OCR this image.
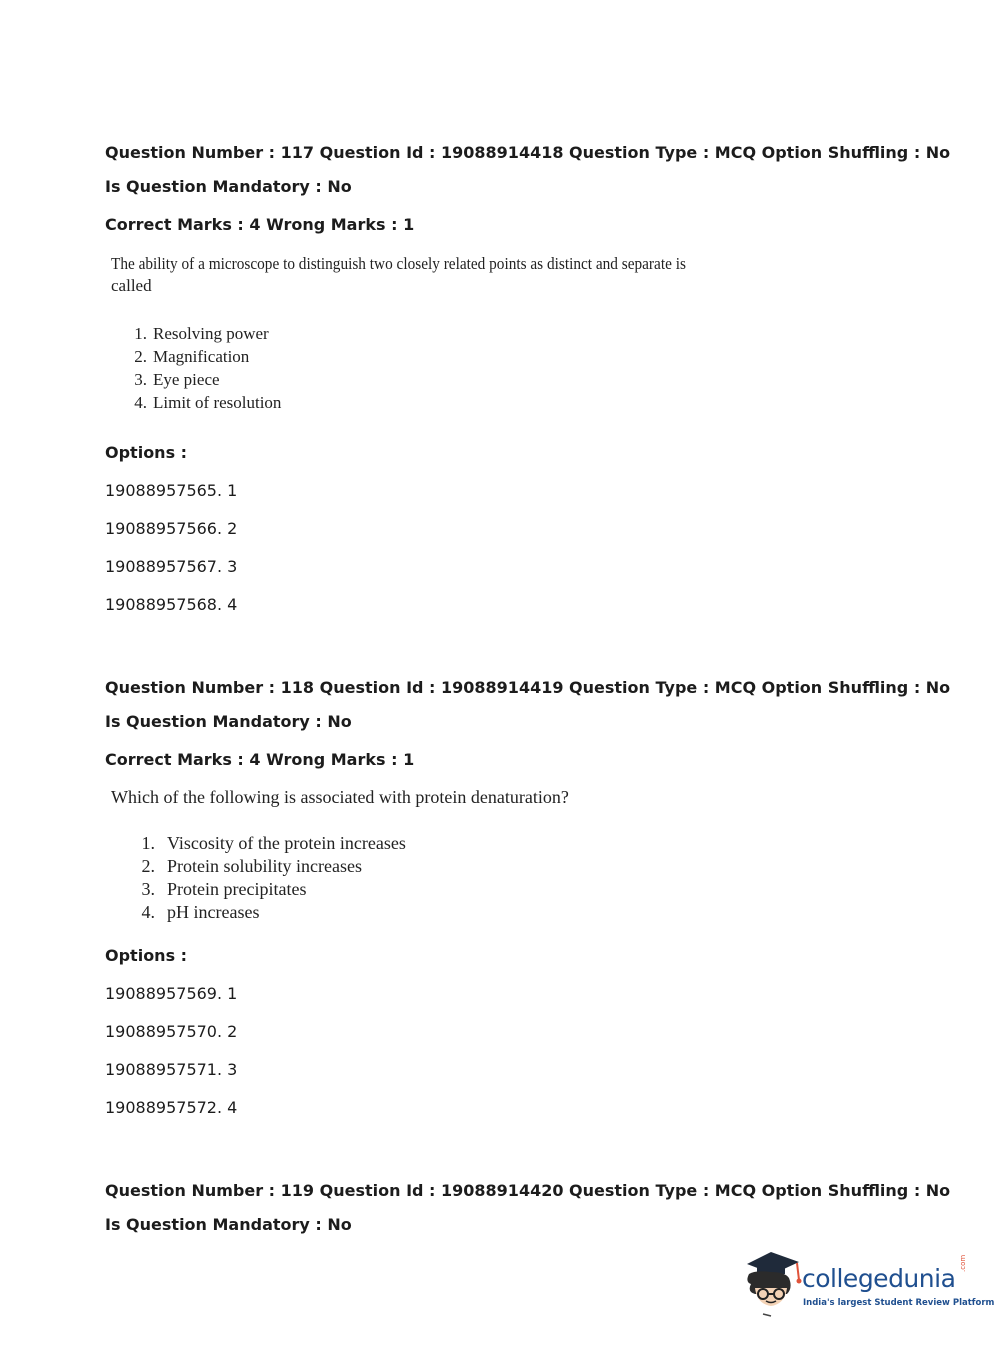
Question Number : 117 Question Id : 19088914418 Question Type : MCQ Option Shuffling : No
Is Question Mandatory : No
Correct Marks : 4 Wrong Marks : 1
The ability of a microscope to distinguish two closely related points as distinct and separate is
called
1. Resolving power
2. Magnification
3. Eye piece
4. Limit of resolution
Options :
19088957565. 1
19088957566. 2
19088957567. 3
19088957568. 4
Question Number : 118 Question Id : 19088914419 Question Type : MCQ Option Shuffling : No
Is Question Mandatory : No
Correct Marks : 4 Wrong Marks : 1
Which of the following is associated with protein denaturation?
1. Viscosity of the protein increases
2. Protein solubility increases
3. Protein precipitates
4. pH increases
Options :
19088957569. 1
19088957570. 2
19088957571. 3
19088957572. 4
Question Number : 119 Question Id : 19088914420 Question Type : MCQ Option Shuffling : No
Is Question Mandatory : No
collegedunia
.com
India's largest Student Review Platform
